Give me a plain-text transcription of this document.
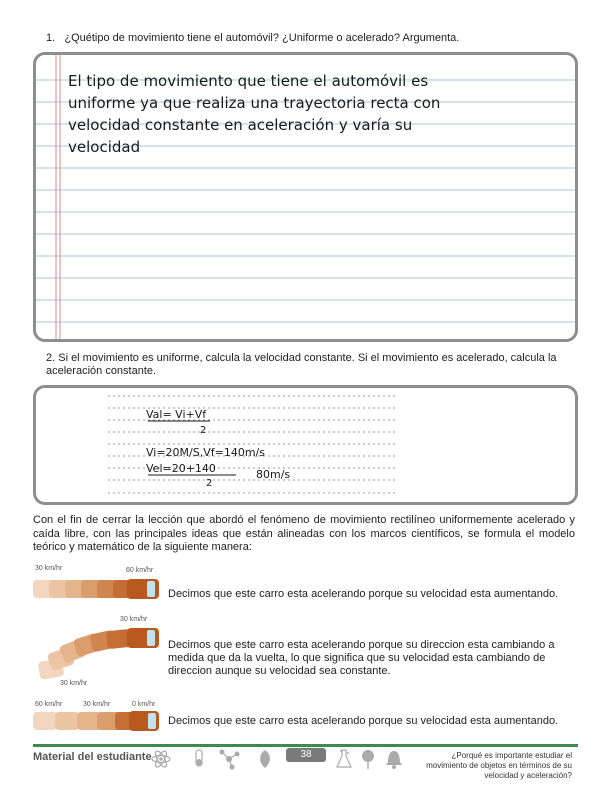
1. ¿Quétipo de movimiento tiene el automóvil? ¿Uniforme o acelerado? Argumenta.
El tipo de movimiento que tiene el automóvil es
uniforme ya que realiza una trayectoria recta con
velocidad constante en aceleración y varía su
velocidad
2. Si el movimiento es uniforme, calcula la velocidad constante. Si el movimiento es acelerado, calcula la aceleración constante.
Val= Vi+Vf
2
Vi=20M/S,Vf=140m/s
Vel=20+140
2
80m/s
Con el fin de cerrar la lección que abordó el fenómeno de movimiento rectilíneo uniformemente acelerado y caída libre, con las principales ideas que están alineadas con los marcos científicos, se formula el modelo teórico y matemático de la siguiente manera:
30 km/hr	60 km/hr
Decimos que este carro esta acelerando porque su velocidad esta aumentando.
30 km/hr
30 km/hr
Decimos que este carro esta acelerando porque su direccion esta cambiando a medida que da la vuelta, lo que significa que su velocidad esta cambiando de direccion aunque su velocidad sea constante.
60 km/hr	30 km/hr	0 km/hr
Decimos que este carro esta acelerando porque su velocidad esta aumentando.
Material del estudiante	38	¿Porqué es importante estudiar el movimiento de objetos en términos de su velocidad y aceleración?
